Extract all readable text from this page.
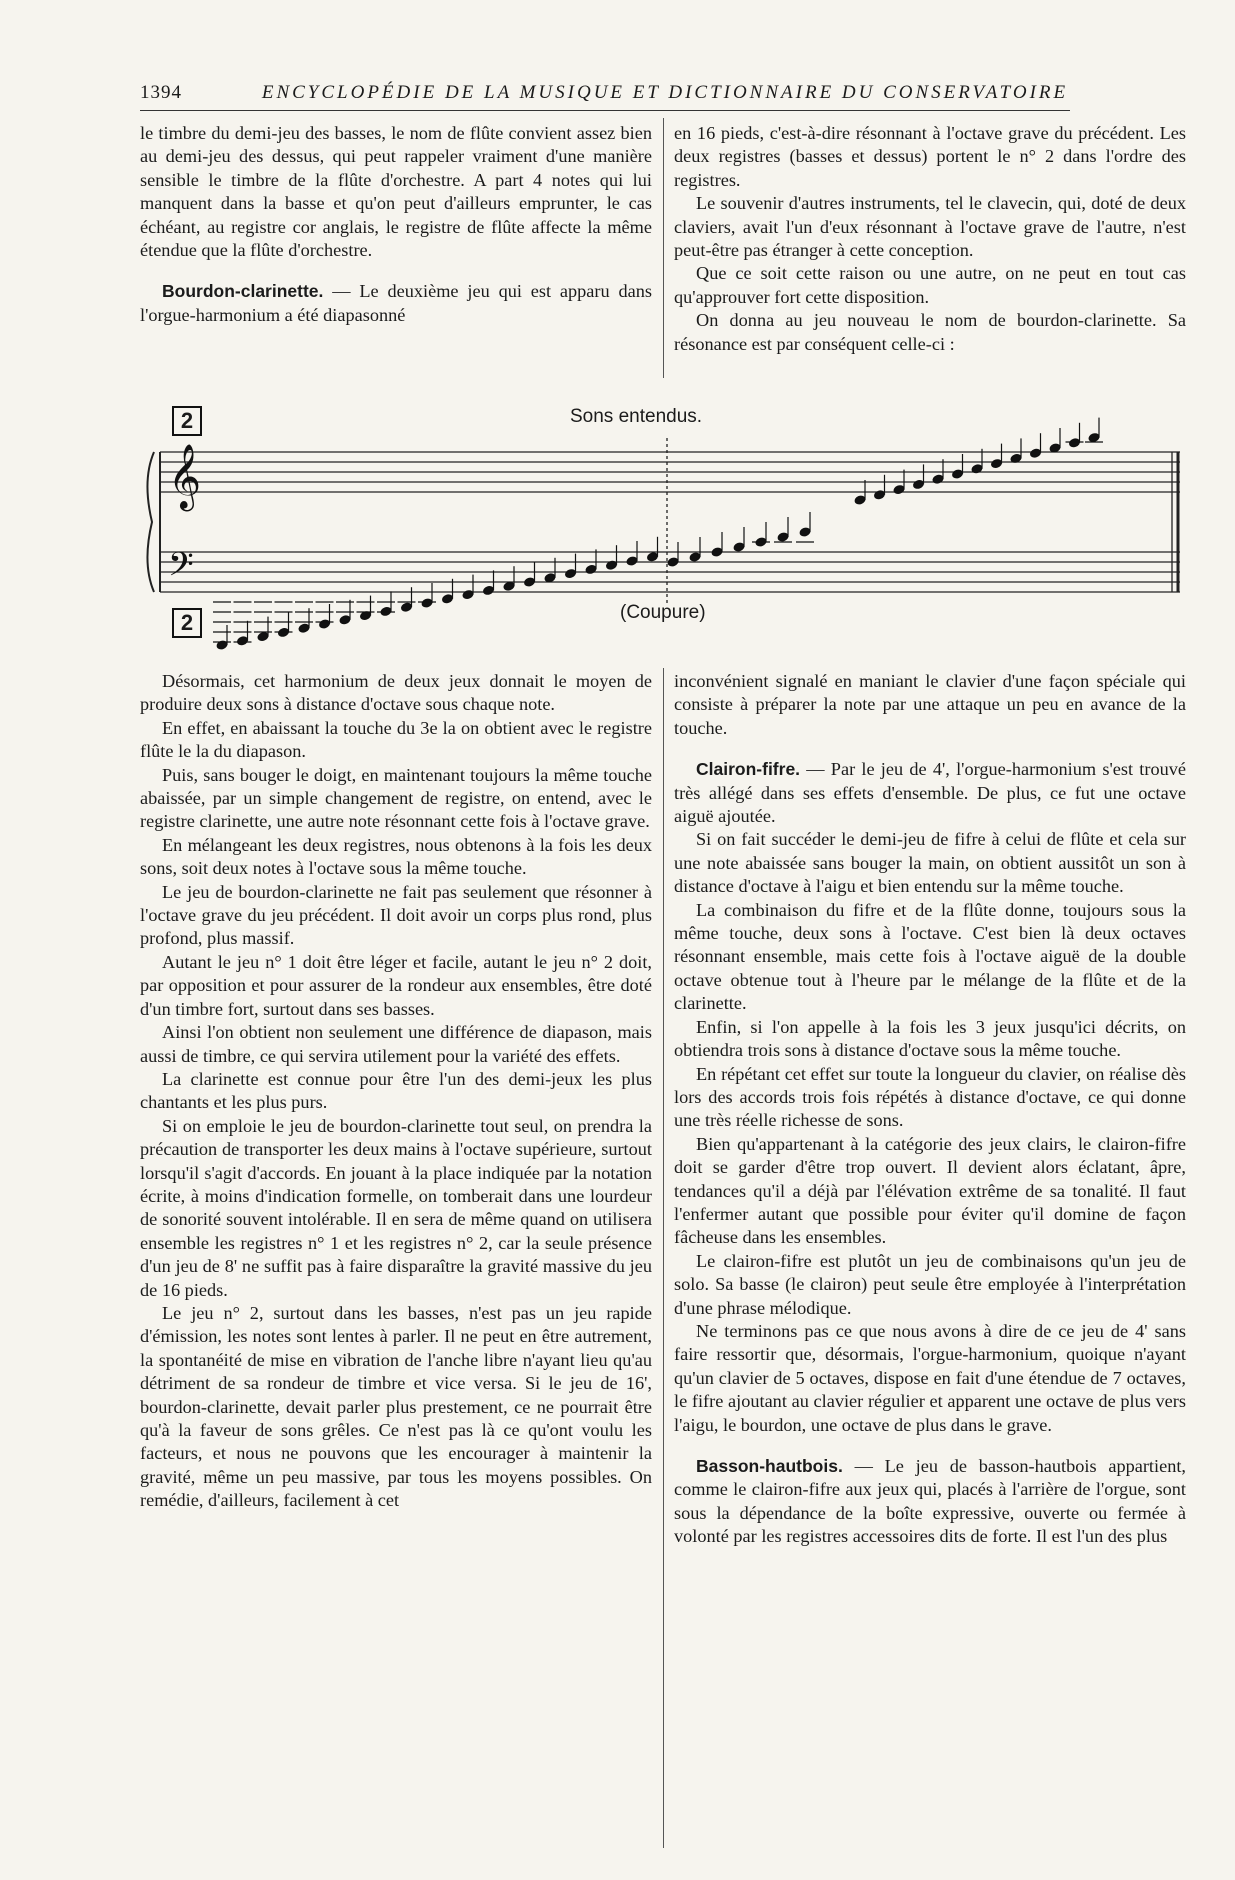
1394	ENCYCLOPÉDIE DE LA MUSIQUE ET DICTIONNAIRE DU CONSERVATOIRE

le timbre du demi-jeu des basses, le nom de flûte convient assez bien au demi-jeu des dessus, qui peut rappeler vraiment d'une manière sensible le timbre de la flûte d'orchestre. A part 4 notes qui lui manquent dans la basse et qu'on peut d'ailleurs emprunter, le cas échéant, au registre cor anglais, le registre de flûte affecte la même étendue que la flûte d'orchestre.

Bourdon-clarinette. — Le deuxième jeu qui est apparu dans l'orgue-harmonium a été diapasonné

en 16 pieds, c'est-à-dire résonnant à l'octave grave du précédent. Les deux registres (basses et dessus) portent le n° 2 dans l'ordre des registres.

Le souvenir d'autres instruments, tel le clavecin, qui, doté de deux claviers, avait l'un d'eux résonnant à l'octave grave de l'autre, n'est peut-être pas étranger à cette conception.

Que ce soit cette raison ou une autre, on ne peut en tout cas qu'approuver fort cette disposition.

On donna au jeu nouveau le nom de bourdon-clarinette. Sa résonance est par conséquent celle-ci :

𝄞
𝄢
2
2
Sons entendus.
(Coupure)

Désormais, cet harmonium de deux jeux donnait le moyen de produire deux sons à distance d'octave sous chaque note.

En effet, en abaissant la touche du 3e la on obtient avec le registre flûte le la du diapason.

Puis, sans bouger le doigt, en maintenant toujours la même touche abaissée, par un simple changement de registre, on entend, avec le registre clarinette, une autre note résonnant cette fois à l'octave grave.

En mélangeant les deux registres, nous obtenons à la fois les deux sons, soit deux notes à l'octave sous la même touche.

Le jeu de bourdon-clarinette ne fait pas seulement que résonner à l'octave grave du jeu précédent. Il doit avoir un corps plus rond, plus profond, plus massif.

Autant le jeu n° 1 doit être léger et facile, autant le jeu n° 2 doit, par opposition et pour assurer de la rondeur aux ensembles, être doté d'un timbre fort, surtout dans ses basses.

Ainsi l'on obtient non seulement une différence de diapason, mais aussi de timbre, ce qui servira utilement pour la variété des effets.

La clarinette est connue pour être l'un des demi-jeux les plus chantants et les plus purs.

Si on emploie le jeu de bourdon-clarinette tout seul, on prendra la précaution de transporter les deux mains à l'octave supérieure, surtout lorsqu'il s'agit d'accords. En jouant à la place indiquée par la notation écrite, à moins d'indication formelle, on tomberait dans une lourdeur de sonorité souvent intolérable. Il en sera de même quand on utilisera ensemble les registres n° 1 et les registres n° 2, car la seule présence d'un jeu de 8' ne suffit pas à faire disparaître la gravité massive du jeu de 16 pieds.

Le jeu n° 2, surtout dans les basses, n'est pas un jeu rapide d'émission, les notes sont lentes à parler. Il ne peut en être autrement, la spontanéité de mise en vibration de l'anche libre n'ayant lieu qu'au détriment de sa rondeur de timbre et vice versa. Si le jeu de 16', bourdon-clarinette, devait parler plus prestement, ce ne pourrait être qu'à la faveur de sons grêles. Ce n'est pas là ce qu'ont voulu les facteurs, et nous ne pouvons que les encourager à maintenir la gravité, même un peu massive, par tous les moyens possibles. On remédie, d'ailleurs, facilement à cet

inconvénient signalé en maniant le clavier d'une façon spéciale qui consiste à préparer la note par une attaque un peu en avance de la touche.

Clairon-fifre. — Par le jeu de 4', l'orgue-harmonium s'est trouvé très allégé dans ses effets d'ensemble. De plus, ce fut une octave aiguë ajoutée.

Si on fait succéder le demi-jeu de fifre à celui de flûte et cela sur une note abaissée sans bouger la main, on obtient aussitôt un son à distance d'octave à l'aigu et bien entendu sur la même touche.

La combinaison du fifre et de la flûte donne, toujours sous la même touche, deux sons à l'octave. C'est bien là deux octaves résonnant ensemble, mais cette fois à l'octave aiguë de la double octave obtenue tout à l'heure par le mélange de la flûte et de la clarinette.

Enfin, si l'on appelle à la fois les 3 jeux jusqu'ici décrits, on obtiendra trois sons à distance d'octave sous la même touche.

En répétant cet effet sur toute la longueur du clavier, on réalise dès lors des accords trois fois répétés à distance d'octave, ce qui donne une très réelle richesse de sons.

Bien qu'appartenant à la catégorie des jeux clairs, le clairon-fifre doit se garder d'être trop ouvert. Il devient alors éclatant, âpre, tendances qu'il a déjà par l'élévation extrême de sa tonalité. Il faut l'enfermer autant que possible pour éviter qu'il domine de façon fâcheuse dans les ensembles.

Le clairon-fifre est plutôt un jeu de combinaisons qu'un jeu de solo. Sa basse (le clairon) peut seule être employée à l'interprétation d'une phrase mélodique.

Ne terminons pas ce que nous avons à dire de ce jeu de 4' sans faire ressortir que, désormais, l'orgue-harmonium, quoique n'ayant qu'un clavier de 5 octaves, dispose en fait d'une étendue de 7 octaves, le fifre ajoutant au clavier régulier et apparent une octave de plus vers l'aigu, le bourdon, une octave de plus dans le grave.

Basson-hautbois. — Le jeu de basson-hautbois appartient, comme le clairon-fifre aux jeux qui, placés à l'arrière de l'orgue, sont sous la dépendance de la boîte expressive, ouverte ou fermée à volonté par les registres accessoires dits de forte. Il est l'un des plus
